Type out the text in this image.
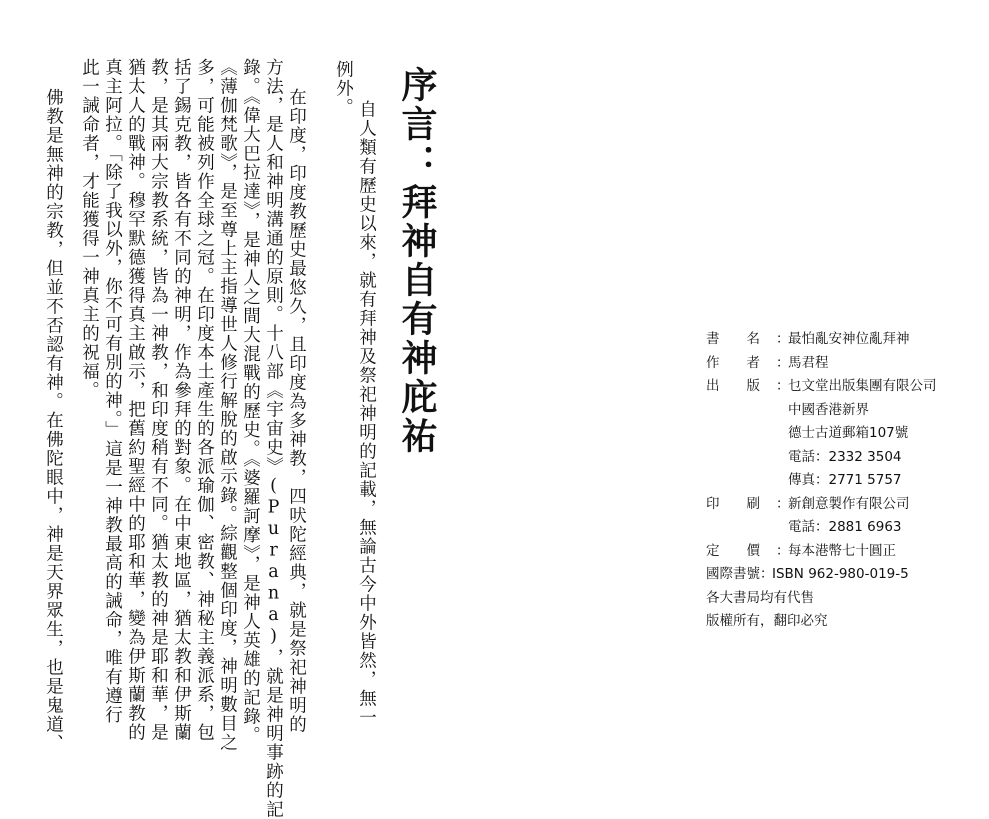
序言：拜神自有神庇祐
自人類有歷史以來，就有拜神及祭祀神明的記載，無論古今中外皆然，無一
例外。
在印度，印度教歷史最悠久，且印度為多神教，四吠陀經典，就是祭祀神明的
方法，是人和神明溝通的原則。十八部《宇宙史》(Purana)，就是神明事跡的記
錄。《偉大巴拉達》，是神人之間大混戰的歷史。《婆羅訶摩》，是神人英雄的記錄。
《薄伽梵歌》，是至尊上主指導世人修行解脫的啟示錄。綜觀整個印度，神明數目之
多，可能被列作全球之冠。在印度本土產生的各派瑜伽、密教、神秘主義派系，包
括了錫克教，皆各有不同的神明，作為參拜的對象。在中東地區，猶太教和伊斯蘭
教，是其兩大宗教系統，皆為一神教，和印度稍有不同。猶太教的神是耶和華，是
猶太人的戰神。穆罕默德獲得真主啟示，把舊約聖經中的耶和華，變為伊斯蘭教的
真主阿拉。「除了我以外，你不可有別的神。」這是一神教最高的誡命，唯有遵行
此一誡命者，才能獲得一神真主的祝福。
佛教是無神的宗教，但並不否認有神。在佛陀眼中，神是天界眾生，也是鬼道、	書　　名	：
最怕亂安神位亂拜神
作　　者	：
馬君程
出　　版	：
乜文堂出版集團有限公司
中國香港新界
德士古道郵箱107號
電話：2332 3504
傳真：2771 5757
印　　刷	：
新創意製作有限公司
電話：2881 6963
定　　價	：
每本港幣七十圓正
國際書號 ：
ISBN 962-980-019-5
各大書局均有代售
版權所有，翻印必究
